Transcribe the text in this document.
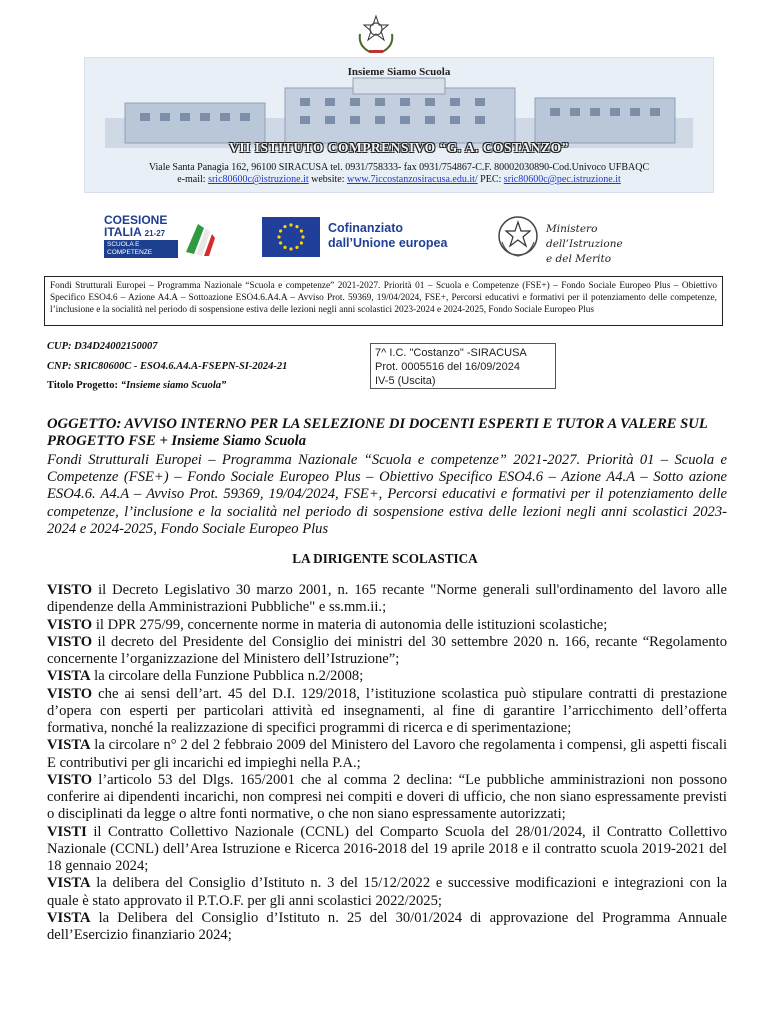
Insieme Siamo Scuola
VII ISTITUTO COMPRENSIVO “G. A. COSTANZO”
Viale Santa Panagia 162, 96100 SIRACUSA tel. 0931/758333- fax 0931/754867-C.F. 80002030890-Cod.Univoco UFBAQC
e-mail: sric80600c@istruzione.it website: www.7iccostanzosiracusa.edu.it/ PEC: sric80600c@pec.istruzione.it
COESIONE
ITALIA 21-27
SCUOLA E
COMPETENZE
Cofinanziato
dall’Unione europea
Ministero dell’Istruzione
e del Merito
Fondi Strutturali Europei – Programma Nazionale “Scuola e competenze” 2021-2027. Priorità 01 – Scuola e Competenze (FSE+) – Fondo Sociale Europeo Plus – Obiettivo Specifico ESO4.6 – Azione A4.A – Sottoazione ESO4.6.A4.A – Avviso Prot. 59369, 19/04/2024, FSE+, Percorsi educativi e formativi per il potenziamento delle competenze, l’inclusione e la socialità nel periodo di sospensione estiva delle lezioni negli anni scolastici 2023-2024 e 2024-2025, Fondo Sociale Europeo Plus
CUP: D34D24002150007
CNP: SRIC80600C - ESO4.6.A4.A-FSEPN-SI-2024-21
Titolo Progetto: “Insieme siamo Scuola”
7^ I.C. "Costanzo" -SIRACUSA
Prot. 0005516 del 16/09/2024
IV-5 (Uscita)
OGGETTO: AVVISO INTERNO PER LA SELEZIONE DI DOCENTI ESPERTI E TUTOR A VALERE SUL PROGETTO FSE + Insieme Siamo Scuola
Fondi Strutturali Europei – Programma Nazionale “Scuola e competenze” 2021-2027. Priorità 01 – Scuola e Competenze (FSE+) – Fondo Sociale Europeo Plus – Obiettivo Specifico ESO4.6 – Azione A4.A – Sotto azione ESO4.6. A4.A – Avviso Prot. 59369, 19/04/2024, FSE+, Percorsi educativi e formativi per il potenziamento delle competenze, l’inclusione e la socialità nel periodo di sospensione estiva delle lezioni negli anni scolastici 2023-2024 e 2024-2025, Fondo Sociale Europeo Plus
LA DIRIGENTE SCOLASTICA

VISTO il Decreto Legislativo 30 marzo 2001, n. 165 recante "Norme generali sull'ordinamento del lavoro alle dipendenze della Amministrazioni Pubbliche" e ss.mm.ii.;

VISTO il DPR 275/99, concernente norme in materia di autonomia delle istituzioni scolastiche;

VISTO il decreto del Presidente del Consiglio dei ministri del 30 settembre 2020 n. 166, recante “Regolamento concernente l’organizzazione del Ministero dell’Istruzione”;

VISTA la circolare della Funzione Pubblica n.2/2008;

VISTO che ai sensi dell’art. 45 del D.I. 129/2018, l’istituzione scolastica può stipulare contratti di prestazione d’opera con esperti per particolari attività ed insegnamenti, al fine di garantire l’arricchimento dell’offerta formativa, nonché la realizzazione di specifici programmi di ricerca e di sperimentazione;

VISTA la circolare n° 2 del 2 febbraio 2009 del Ministero del Lavoro che regolamenta i compensi, gli aspetti fiscali E contributivi per gli incarichi ed impieghi nella P.A.;

VISTO l’articolo 53 del Dlgs. 165/2001 che al comma 2 declina: “Le pubbliche amministrazioni non possono conferire ai dipendenti incarichi, non compresi nei compiti e doveri di ufficio, che non siano espressamente previsti o disciplinati da legge o altre fonti normative, o che non siano espressamente autorizzati;

VISTI il Contratto Collettivo Nazionale (CCNL) del Comparto Scuola del 28/01/2024, il Contratto Collettivo Nazionale (CCNL) dell’Area Istruzione e Ricerca 2016-2018 del 19 aprile 2018 e il contratto scuola 2019-2021 del 18 gennaio 2024;

VISTA la delibera del Consiglio d’Istituto n. 3 del 15/12/2022 e successive modificazioni e integrazioni con la quale è stato approvato il P.T.O.F. per gli anni scolastici 2022/2025;

VISTA la Delibera del Consiglio d’Istituto n. 25 del 30/01/2024 di approvazione del Programma Annuale dell’Esercizio finanziario 2024;
